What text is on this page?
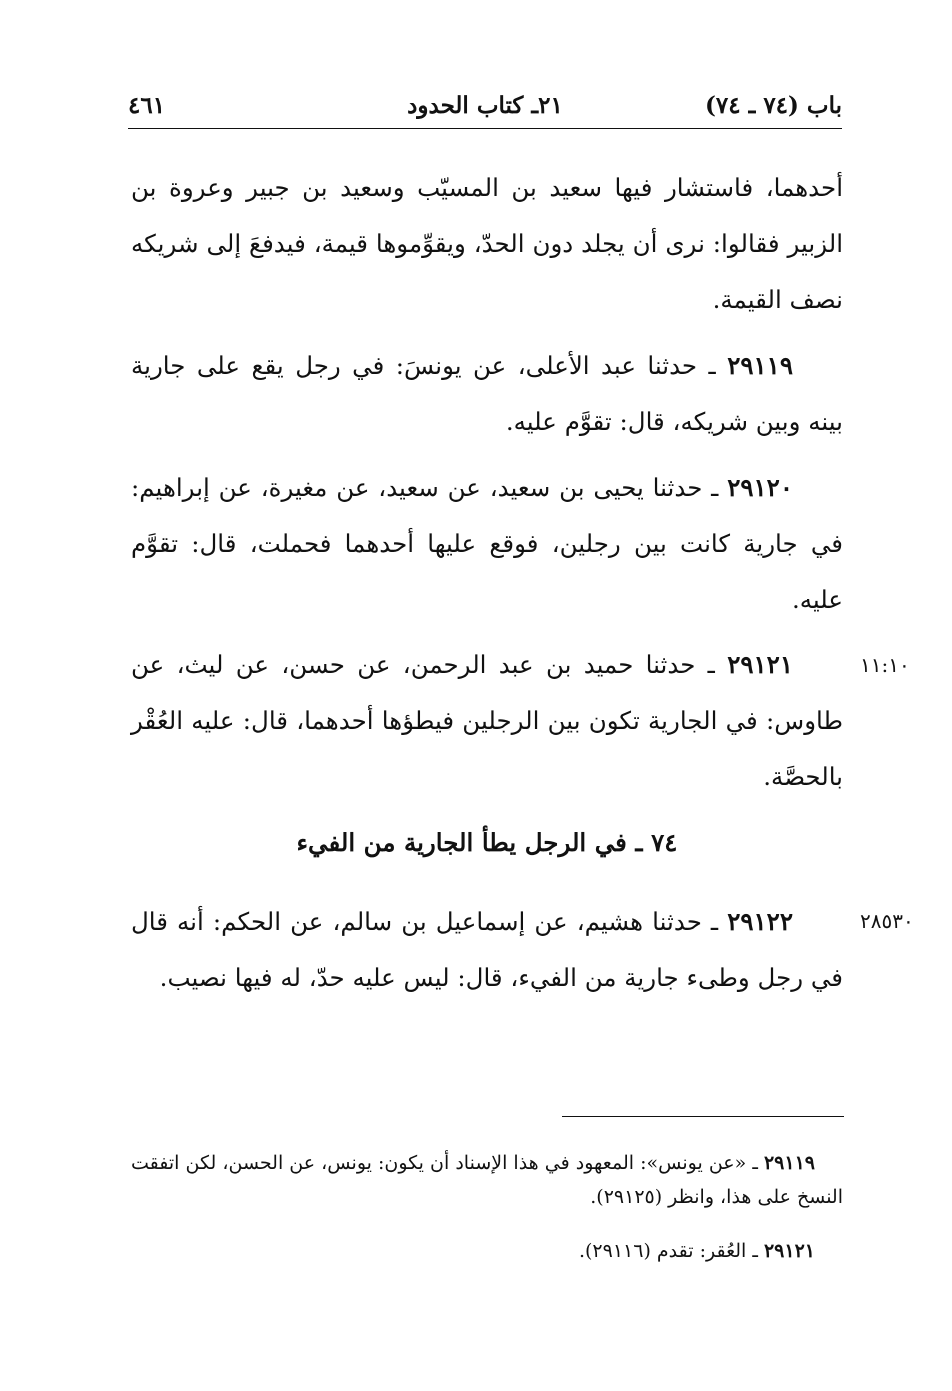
باب (٧٤ ـ ٧٤)
٢١ـ كتاب الحدود
٤٦١

أحدهما، فاستشار فيها سعيد بن المسيّب وسعيد بن جبير وعروة بن الزبير فقالوا: نرى أن يجلد دون الحدّ، ويقوِّموها قيمة، فيدفعَ إلى شريكه نصف القيمة.

٢٩١١٩ ـ حدثنا عبد الأعلى، عن يونسَ: في رجل يقع على جارية بينه وبين شريكه، قال: تقوَّم عليه.

٢٩١٢٠ ـ حدثنا يحيى بن سعيد، عن سعيد، عن مغيرة، عن إبراهيم: في جارية كانت بين رجلين، فوقع عليها أحدهما فحملت، قال: تقوَّم عليه.

٢٩١٢١ ـ حدثنا حميد بن عبد الرحمن، عن حسن، عن ليث، عن طاوس: في الجارية تكون بين الرجلين فيطؤها أحدهما، قال: عليه العُقْر بالحصَّة.

٢٩١٢٢ ـ حدثنا هشيم، عن إسماعيل بن سالم، عن الحكم: أنه قال في رجل وطىء جارية من الفيء، قال: ليس عليه حدّ، له فيها نصيب.

٧٤ ـ في الرجل يطأ الجارية من الفيء
١١:١٠
٢٨٥٣٠

٢٩١١٩ ـ «عن يونس»: المعهود في هذا الإسناد أن يكون: يونس، عن الحسن، لكن اتفقت النسخ على هذا، وانظر (٢٩١٢٥).

٢٩١٢١ ـ العُقر: تقدم (٢٩١١٦).
